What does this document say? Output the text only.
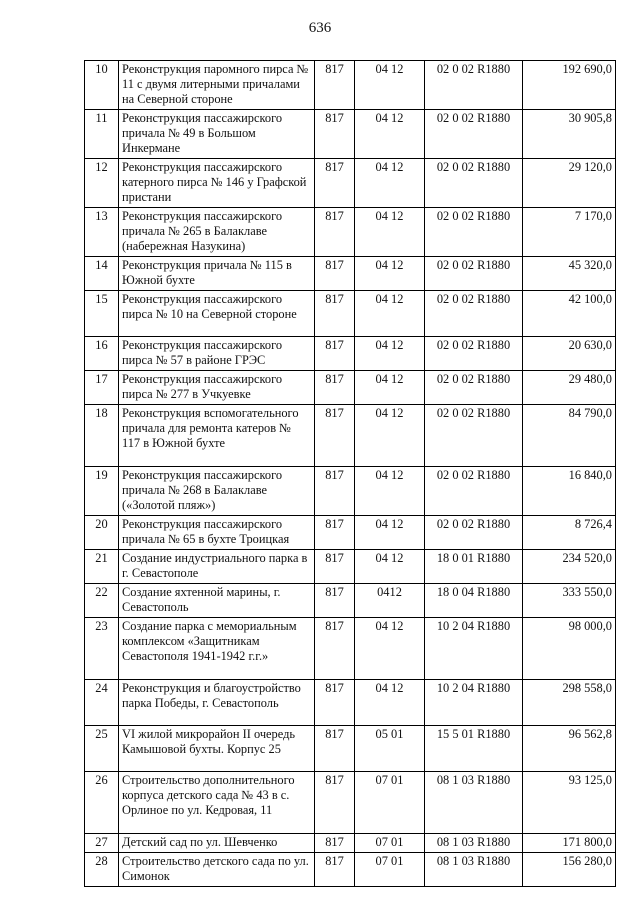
636
10	Реконструкция паромного пирса № 11 с двумя литерными причалами на Северной стороне	817	04 12	02 0 02 R1880	192 690,0
11	Реконструкция пассажирского причала № 49 в Большом Инкермане	817	04 12	02 0 02 R1880	30 905,8
12	Реконструкция пассажирского катерного пирса № 146 у Графской пристани	817	04 12	02 0 02 R1880	29 120,0
13	Реконструкция пассажирского причала № 265 в Балаклаве (набережная Назукина)	817	04 12	02 0 02 R1880	7 170,0
14	Реконструкция причала № 115 в Южной бухте	817	04 12	02 0 02 R1880	45 320,0
15	Реконструкция пассажирского пирса № 10 на Северной стороне	817	04 12	02 0 02 R1880	42 100,0
16	Реконструкция пассажирского пирса № 57 в районе ГРЭС	817	04 12	02 0 02 R1880	20 630,0
17	Реконструкция пассажирского пирса № 277 в Учкуевке	817	04 12	02 0 02 R1880	29 480,0
18	Реконструкция вспомогательного причала для ремонта катеров № 117 в Южной бухте	817	04 12	02 0 02 R1880	84 790,0
19	Реконструкция пассажирского причала № 268 в Балаклаве («Золотой пляж»)	817	04 12	02 0 02 R1880	16 840,0
20	Реконструкция пассажирского причала № 65 в бухте Троицкая	817	04 12	02 0 02 R1880	8 726,4
21	Создание индустриального парка в г. Севастополе	817	04 12	18 0 01 R1880	234 520,0
22	Создание яхтенной марины, г. Севастополь	817	0412	18 0 04 R1880	333 550,0
23	Создание парка с мемориальным комплексом «Защитникам Севастополя 1941-1942 г.г.»	817	04 12	10 2 04 R1880	98 000,0
24	Реконструкция и благоустройство парка Победы, г. Севастополь	817	04 12	10 2 04 R1880	298 558,0
25	VI жилой микрорайон II очередь Камышовой бухты. Корпус 25	817	05 01	15 5 01 R1880	96 562,8
26	Строительство дополнительного корпуса детского сада № 43 в с. Орлиное по ул. Кедровая, 11	817	07 01	08 1 03 R1880	93 125,0
27	Детский сад по ул. Шевченко	817	07 01	08 1 03 R1880	171 800,0
28	Строительство детского сада по ул. Симонок	817	07 01	08 1 03 R1880	156 280,0
